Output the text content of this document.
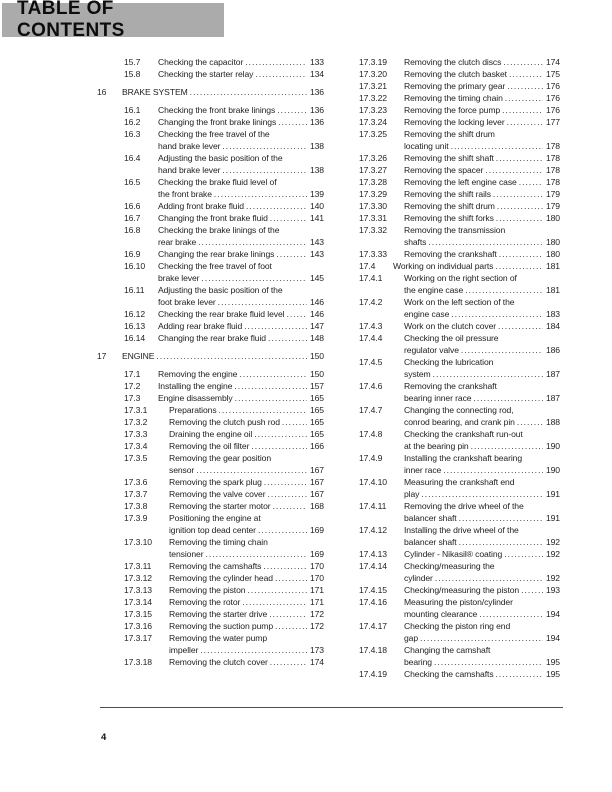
TABLE OF CONTENTS
15.7	Checking the capacitor .....	133
15.8	Checking the starter relay .....	134
16	BRAKE SYSTEM .....	136
16.1	Checking the front brake linings .....	136
16.2	Changing the front brake linings .....	136
16.3	Checking the free travel of the
hand brake lever .....	138
16.4	Adjusting the basic position of the
hand brake lever .....	138
16.5	Checking the brake fluid level of
the front brake .....	139
16.6	Adding front brake fluid .....	140
16.7	Changing the front brake fluid .....	141
16.8	Checking the brake linings of the
rear brake .....	143
16.9	Changing the rear brake linings .....	143
16.10	Checking the free travel of foot
brake lever .....	145
16.11	Adjusting the basic position of the
foot brake lever .....	146
16.12	Checking the rear brake fluid level .....	146
16.13	Adding rear brake fluid .....	147
16.14	Changing the rear brake fluid .....	148
17	ENGINE .....	150
17.1	Removing the engine .....	150
17.2	Installing the engine .....	157
17.3	Engine disassembly .....	165
17.3.1	Preparations .....	165
17.3.2	Removing the clutch push rod .....	165
17.3.3	Draining the engine oil .....	165
17.3.4	Removing the oil filter .....	166
17.3.5	Removing the gear position
sensor .....	167
17.3.6	Removing the spark plug .....	167
17.3.7	Removing the valve cover .....	167
17.3.8	Removing the starter motor .....	168
17.3.9	Positioning the engine at
ignition top dead center .....	169
17.3.10	Removing the timing chain
tensioner .....	169
17.3.11	Removing the camshafts .....	170
17.3.12	Removing the cylinder head .....	170
17.3.13	Removing the piston .....	171
17.3.14	Removing the rotor .....	171
17.3.15	Removing the starter drive .....	172
17.3.16	Removing the suction pump .....	172
17.3.17	Removing the water pump
impeller .....	173
17.3.18	Removing the clutch cover .....	174
17.3.19	Removing the clutch discs .....	174
17.3.20	Removing the clutch basket .....	175
17.3.21	Removing the primary gear .....	176
17.3.22	Removing the timing chain .....	176
17.3.23	Removing the force pump .....	176
17.3.24	Removing the locking lever .....	177
17.3.25	Removing the shift drum
locating unit .....	178
17.3.26	Removing the shift shaft .....	178
17.3.27	Removing the spacer .....	178
17.3.28	Removing the left engine case .....	178
17.3.29	Removing the shift rails .....	179
17.3.30	Removing the shift drum .....	179
17.3.31	Removing the shift forks .....	180
17.3.32	Removing the transmission
shafts .....	180
17.3.33	Removing the crankshaft .....	180
17.4	Working on individual parts .....	181
17.4.1	Working on the right section of
the engine case .....	181
17.4.2	Work on the left section of the
engine case .....	183
17.4.3	Work on the clutch cover .....	184
17.4.4	Checking the oil pressure
regulator valve .....	186
17.4.5	Checking the lubrication
system .....	187
17.4.6	Removing the crankshaft
bearing inner race .....	187
17.4.7	Changing the connecting rod,
conrod bearing, and crank pin .....	188
17.4.8	Checking the crankshaft run-out
at the bearing pin .....	190
17.4.9	Installing the crankshaft bearing
inner race .....	190
17.4.10	Measuring the crankshaft end
play .....	191
17.4.11	Removing the drive wheel of the
balancer shaft .....	191
17.4.12	Installing the drive wheel of the
balancer shaft .....	192
17.4.13	Cylinder - Nikasil® coating .....	192
17.4.14	Checking/measuring the
cylinder .....	192
17.4.15	Checking/measuring the piston .....	193
17.4.16	Measuring the piston/cylinder
mounting clearance .....	194
17.4.17	Checking the piston ring end
gap .....	194
17.4.18	Changing the camshaft
bearing .....	195
17.4.19	Checking the camshafts .....	195
4
